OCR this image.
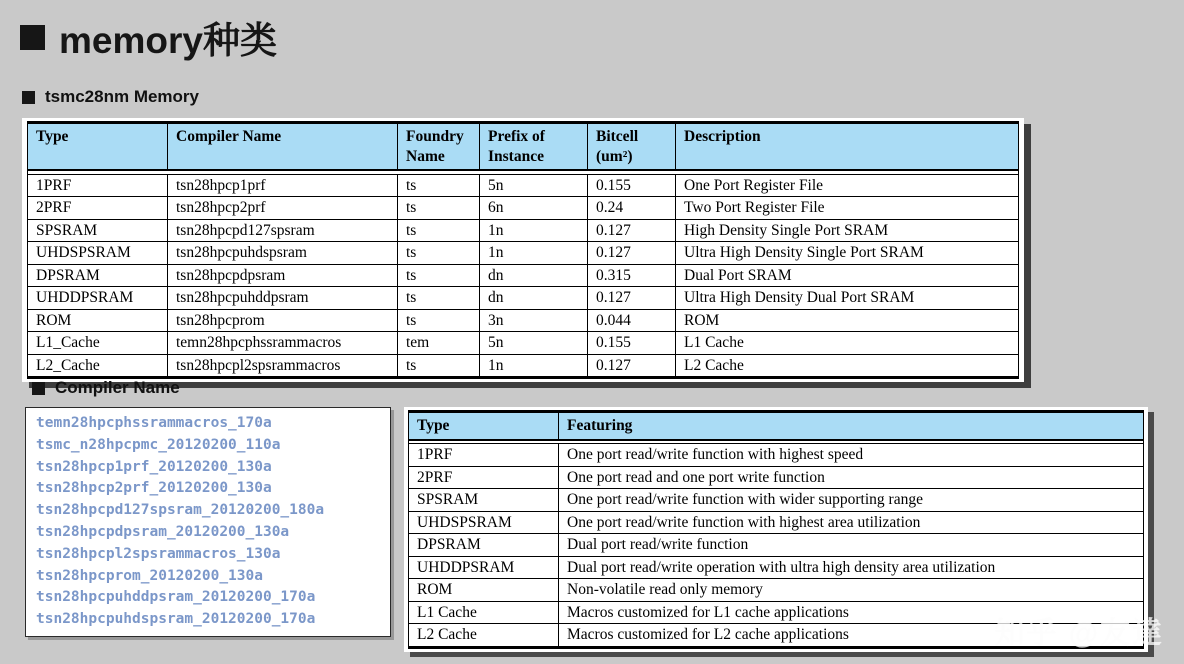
memory种类
tsmc28nm Memory
Type	Compiler Name	Foundry Name	Prefix of Instance	Bitcell (um²)	Description

1PRF	tsn28hpcp1prf	ts	5n	0.155	One Port Register File
2PRF	tsn28hpcp2prf	ts	6n	0.24	Two Port Register File
SPSRAM	tsn28hpcpd127spsram	ts	1n	0.127	High Density Single Port SRAM
UHDSPSRAM	tsn28hpcpuhdspsram	ts	1n	0.127	Ultra High Density Single Port SRAM
DPSRAM	tsn28hpcpdpsram	ts	dn	0.315	Dual Port SRAM
UHDDPSRAM	tsn28hpcpuhddpsram	ts	dn	0.127	Ultra High Density Dual Port SRAM
ROM	tsn28hpcprom	ts	3n	0.044	ROM
L1_Cache	temn28hpcphssrammacros	tem	5n	0.155	L1 Cache
L2_Cache	tsn28hpcpl2spsrammacros	ts	1n	0.127	L2 Cache
Compiler Name
temn28hpcphssrammacros_170a
tsmc_n28hpcpmc_20120200_110a
tsn28hpcp1prf_20120200_130a
tsn28hpcp2prf_20120200_130a
tsn28hpcpd127spsram_20120200_180a
tsn28hpcpdpsram_20120200_130a
tsn28hpcpl2spsrammacros_130a
tsn28hpcprom_20120200_130a
tsn28hpcpuhddpsram_20120200_170a
tsn28hpcpuhdspsram_20120200_170a
Type	Featuring

1PRF	One port read/write function with highest speed
2PRF	One port read and one port write function
SPSRAM	One port read/write function with wider supporting range
UHDSPSRAM	One port read/write function with highest area utilization
DPSRAM	Dual port read/write function
UHDDPSRAM	Dual port read/write operation with ultra high density area utilization
ROM	Non-volatile read only memory
L1 Cache	Macros customized for L1 cache applications
L2 Cache	Macros customized for L2 cache applications	知乎 @友達
